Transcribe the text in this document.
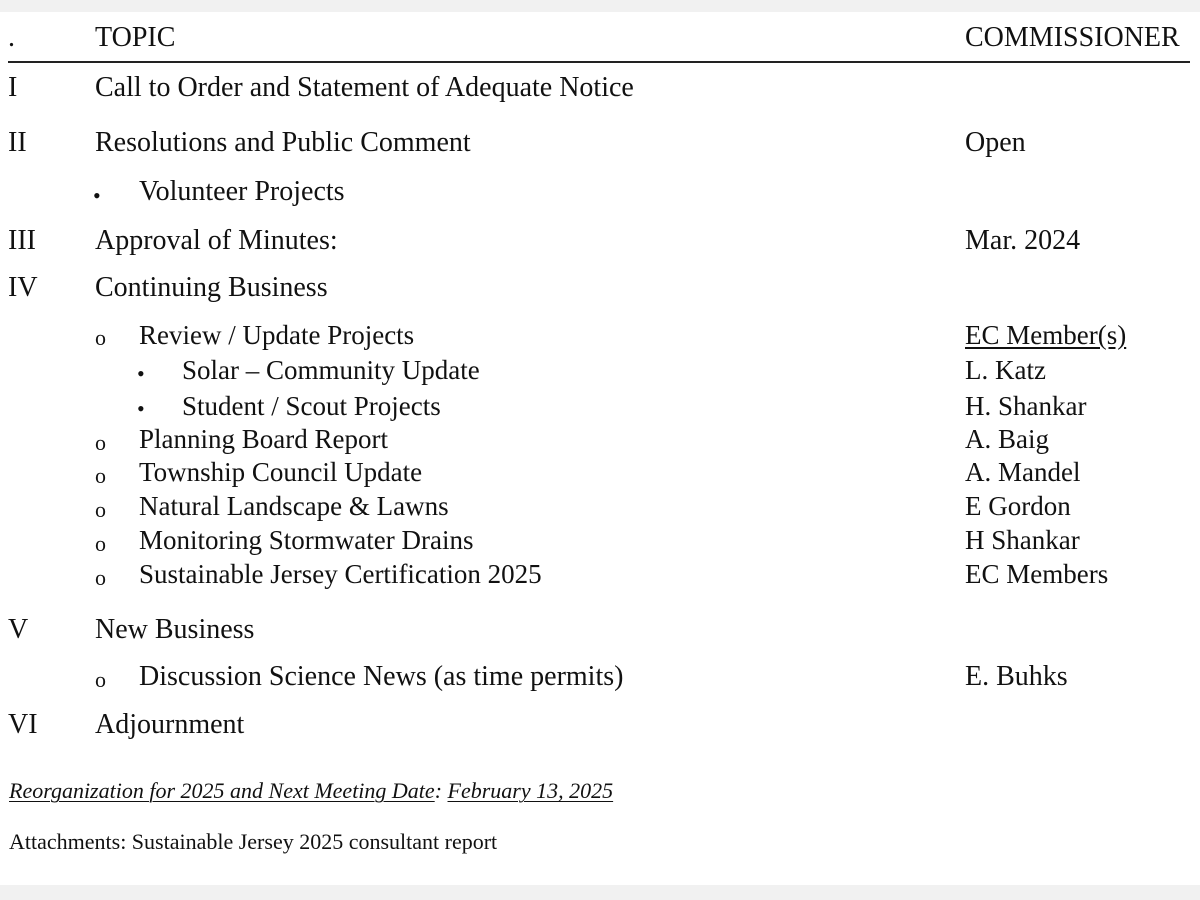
.	TOPIC	COMMISSIONER
I	Call to Order and Statement of Adequate Notice
II Resolutions and Public Comment	Open
• Volunteer Projects
III Approval of Minutes:	Mar. 2024
IV Continuing Business
o Review / Update Projects	EC Member(s)
• Solar – Community Update	L. Katz
• Student / Scout Projects	H. Shankar
o Planning Board Report	A. Baig
o Township Council Update	A. Mandel
o Natural Landscape & Lawns	E Gordon
o Monitoring Stormwater Drains	H Shankar
o Sustainable Jersey Certification 2025	EC Members
V New Business
o Discussion Science News (as time permits)	E. Buhks
VI Adjournment
Reorganization for 2025 and Next Meeting Date: February 13, 2025
Attachments: Sustainable Jersey 2025 consultant report
